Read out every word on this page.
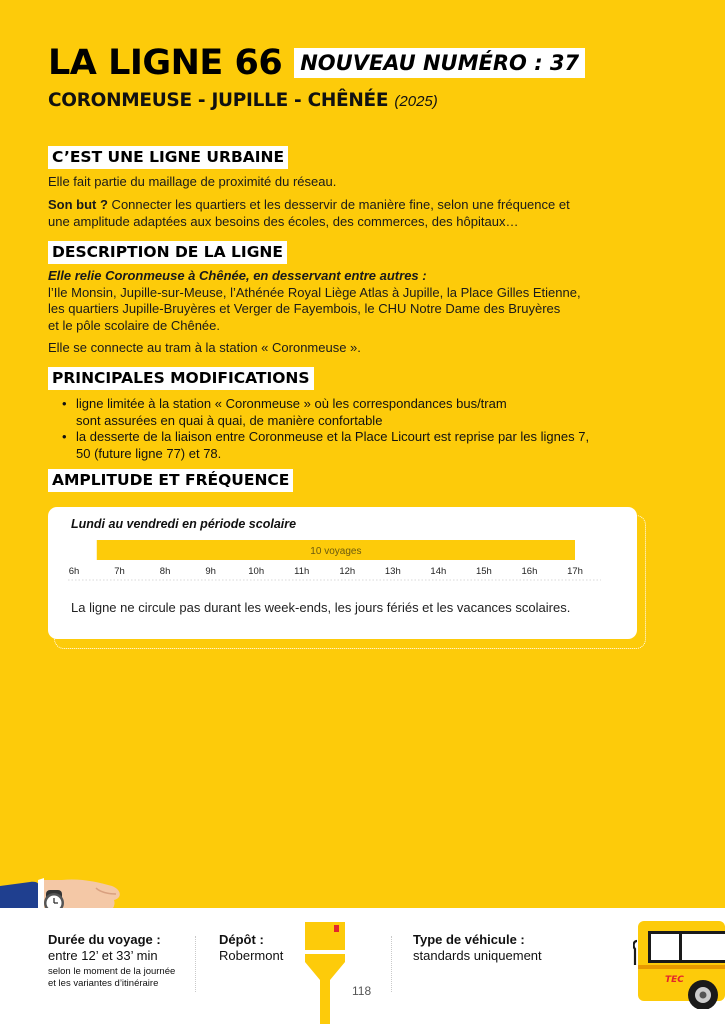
LA LIGNE 66 NOUVEAU NUMÉRO : 37
CORONMEUSE - JUPILLE - CHÊNÉE (2025)
C’EST UNE LIGNE URBAINE
Elle fait partie du maillage de proximité du réseau.
Son but ? Connecter les quartiers et les desservir de manière fine, selon une fréquence et
une amplitude adaptées aux besoins des écoles, des commerces, des hôpitaux…
DESCRIPTION DE LA LIGNE
Elle relie Coronmeuse à Chênée, en desservant entre autres :
l’Ile Monsin, Jupille-sur-Meuse, l’Athénée Royal Liège Atlas à Jupille, la Place Gilles Etienne,
les quartiers Jupille-Bruyères et Verger de Fayembois, le CHU Notre Dame des Bruyères
et le pôle scolaire de Chênée.
Elle se connecte au tram à la station « Coronmeuse ».
PRINCIPALES MODIFICATIONS
• ligne limitée à la station « Coronmeuse » où les correspondances bus/tram
sont assurées en quai à quai, de manière confortable
• la desserte de la liaison entre Coronmeuse et la Place Licourt est reprise par les lignes 7,
50 (future ligne 77) et 78.
AMPLITUDE ET FRÉQUENCE
Lundi au vendredi en période scolaire
10 voyages
6h	7h	8h	9h	10h	11h	12h	13h	14h	15h	16h	17h
La ligne ne circule pas durant les week-ends, les jours fériés et les vacances scolaires.
Durée du voyage :
entre 12’ et 33’ min
selon le moment de la journée
et les variantes d’itinéraire
Dépôt :
Robermont
Type de véhicule :
standards uniquement
118
TEC
